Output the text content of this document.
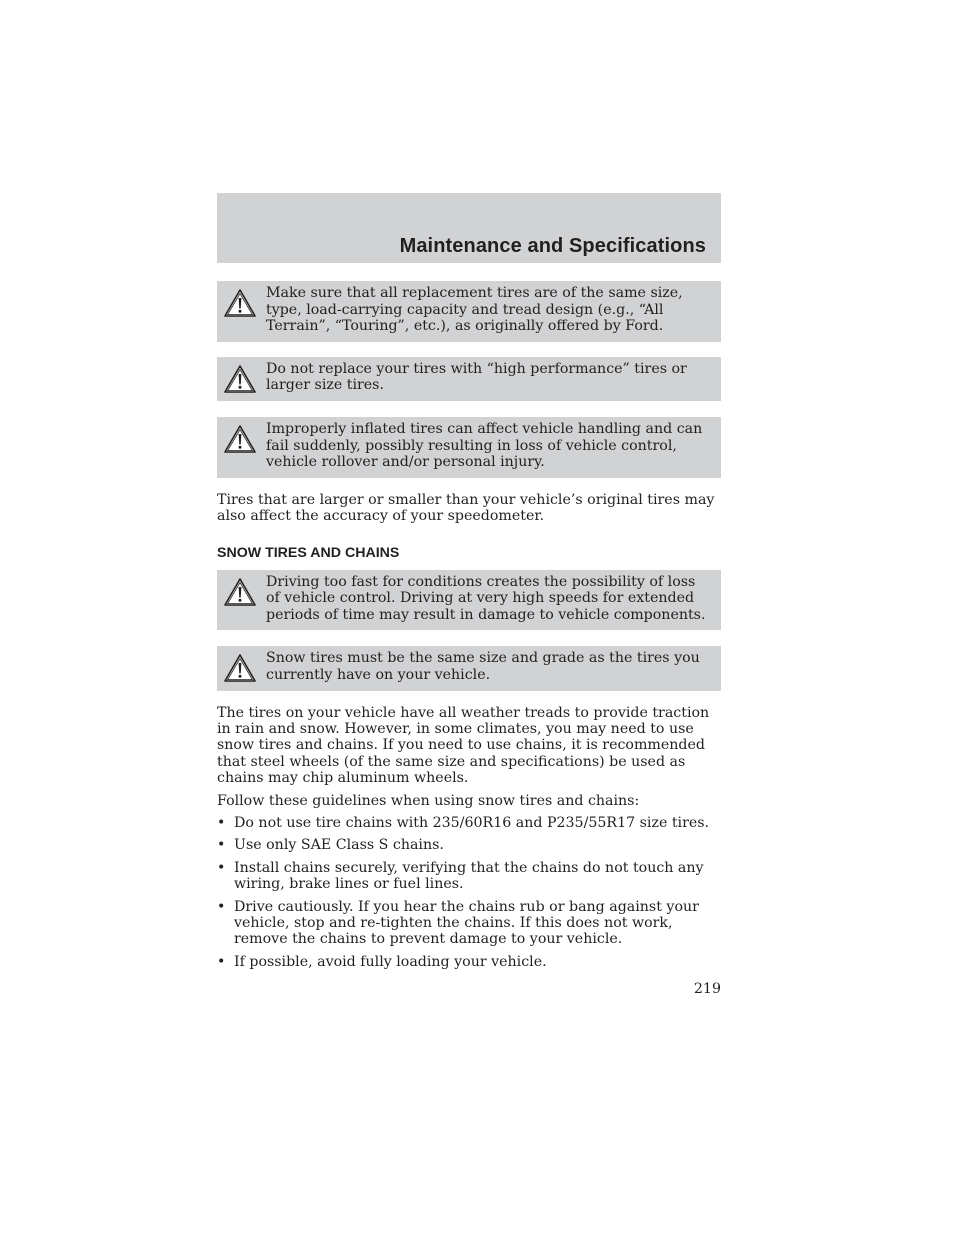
Maintenance and Specifications

Make sure that all replacement tires are of the same size, type, load-carrying capacity and tread design (e.g., “All Terrain”, “Touring”, etc.), as originally offered by Ford.

Do not replace your tires with “high performance” tires or larger size tires.

Improperly inflated tires can affect vehicle handling and can fail suddenly, possibly resulting in loss of vehicle control, vehicle rollover and/or personal injury.

Tires that are larger or smaller than your vehicle’s original tires may also affect the accuracy of your speedometer.

SNOW TIRES AND CHAINS

Driving too fast for conditions creates the possibility of loss of vehicle control. Driving at very high speeds for extended periods of time may result in damage to vehicle components.

Snow tires must be the same size and grade as the tires you currently have on your vehicle.

The tires on your vehicle have all weather treads to provide traction in rain and snow. However, in some climates, you may need to use snow tires and chains. If you need to use chains, it is recommended that steel wheels (of the same size and specifications) be used as chains may chip aluminum wheels.

Follow these guidelines when using snow tires and chains:

• Do not use tire chains with 235/60R16 and P235/55R17 size tires.
• Use only SAE Class S chains.
• Install chains securely, verifying that the chains do not touch any wiring, brake lines or fuel lines.
• Drive cautiously. If you hear the chains rub or bang against your vehicle, stop and re-tighten the chains. If this does not work, remove the chains to prevent damage to your vehicle.
• If possible, avoid fully loading your vehicle.
219
